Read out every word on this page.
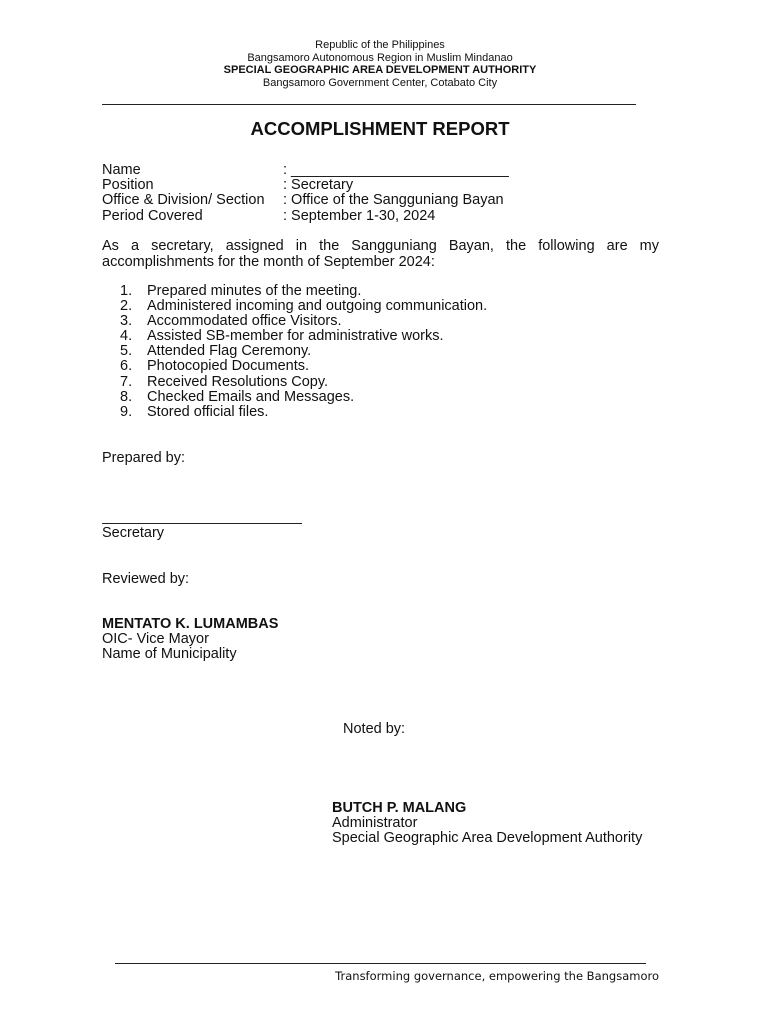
Republic of the Philippines
Bangsamoro Autonomous Region in Muslim Mindanao
SPECIAL GEOGRAPHIC AREA DEVELOPMENT AUTHORITY
Bangsamoro Government Center, Cotabato City
ACCOMPLISHMENT REPORT
Name	: ___________________________
Position	: Secretary
Office & Division/ Section	: Office of the Sangguniang Bayan
Period Covered	: September 1-30, 2024
As a secretary, assigned in the Sangguniang Bayan, the following are my accomplishments for the month of September 2024:
1.	Prepared minutes of the meeting.
2.	Administered incoming and outgoing communication.
3.	Accommodated office Visitors.
4.	Assisted SB-member for administrative works.
5.	Attended Flag Ceremony.
6.	Photocopied Documents.
7.	Received Resolutions Copy.
8.	Checked Emails and Messages.
9.	Stored official files.
Prepared by:
Secretary
Reviewed by:
MENTATO K. LUMAMBAS
OIC- Vice Mayor
Name of Municipality
Noted by:
BUTCH P. MALANG
Administrator
Special Geographic Area Development Authority
Transforming governance, empowering the Bangsamoro
